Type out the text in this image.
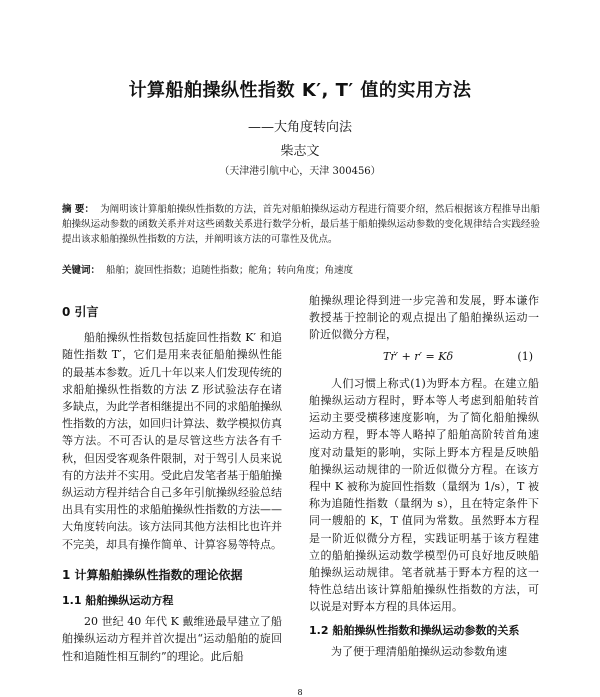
计算船舶操纵性指数 K′, T′ 值的实用方法
——大角度转向法
柴志文
（天津港引航中心，天津 300456）
摘 要： 为阐明该计算船舶操纵性指数的方法，首先对船舶操纵运动方程进行简要介绍，然后根据该方程推导出船舶操纵运动参数的函数关系并对这些函数关系进行数学分析，最后基于船舶操纵运动参数的变化规律结合实践经验提出该求船舶操纵性指数的方法，并阐明该方法的可靠性及优点。
关键词： 船舶；旋回性指数；追随性指数；舵角；转向角度；角速度
0 引言

船舶操纵性指数包括旋回性指数 K′ 和追随性指数 T′，它们是用来表征船舶操纵性能的最基本参数。近几十年以来人们发现传统的求船舶操纵性指数的方法 Z 形试验法存在诸多缺点，为此学者相继提出不同的求船舶操纵性指数的方法，如回归计算法、数学模拟仿真等方法。不可否认的是尽管这些方法各有千秋，但因受客观条件限制，对于驾引人员来说有的方法并不实用。受此启发笔者基于船舶操纵运动方程并结合自己多年引航操纵经验总结出具有实用性的求船舶操纵性指数的方法——大角度转向法。该方法同其他方法相比也许并不完美，却具有操作简单、计算容易等特点。

1 计算船舶操纵性指数的理论依据
1.1 船舶操纵运动方程

20 世纪 40 年代 K 戴维逊最早建立了船舶操纵运动方程并首次提出“运动船舶的旋回性和追随性相互制约”的理论。此后船

舶操纵理论得到进一步完善和发展，野本谦作教授基于控制论的观点提出了船舶操纵运动一阶近似微分方程，

Tṙ′ + r′ = Kδ	(1)

人们习惯上称式(1)为野本方程。在建立船舶操纵运动方程时，野本等人考虑到船舶转首运动主要受横移速度影响，为了简化船舶操纵运动方程，野本等人略掉了船舶高阶转首角速度对动量矩的影响，实际上野本方程是反映船舶操纵运动规律的一阶近似微分方程。在该方程中 K 被称为旋回性指数（量纲为 1/s），T 被称为追随性指数（量纲为 s），且在特定条件下同一艘船的 K，T 值同为常数。虽然野本方程是一阶近似微分方程，实践证明基于该方程建立的船舶操纵运动数学模型仍可良好地反映船舶操纵运动规律。笔者就基于野本方程的这一特性总结出该计算船舶操纵性指数的方法，可以说是对野本方程的具体运用。

1.2 船舶操纵性指数和操纵运动参数的关系

为了便于理清船舶操纵运动参数角速

8
